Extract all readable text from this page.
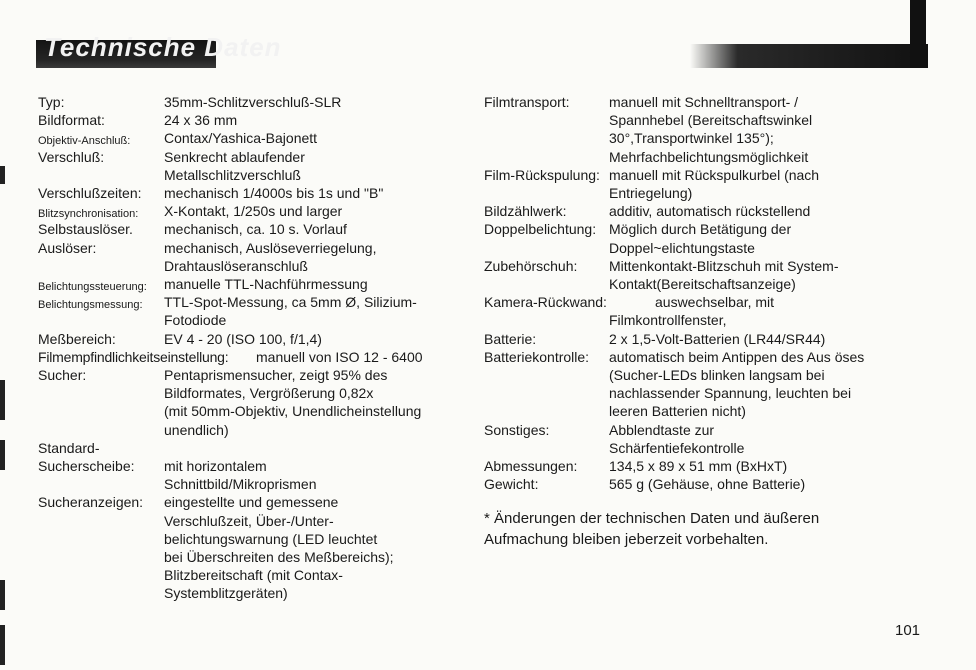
Technische Daten
Typ:	35mm-Schlitzverschluß-SLR
Bildformat:	24 x 36 mm
Objektiv-Anschluß: Contax/Yashica-Bajonett
Verschluß:	Senkrecht ablaufender
Metallschlitzverschluß
Verschlußzeiten: mechanisch 1/4000s bis 1s und "B"
Blitzsynchronisation: X-Kontakt, 1/250s und larger
Selbstauslöser. mechanisch, ca. 10 s. Vorlauf
Auslöser:	mechanisch, Auslöseverriegelung,
Drahtauslöseranschluß
Belichtungssteuerung: manuelle TTL-Nachführmessung
Belichtungsmessung: TTL-Spot-Messung, ca 5mm Ø, Silizium-
Fotodiode
Meßbereich:	EV 4 - 20 (ISO 100, f/1,4)
Filmempfindlichkeitseinstellung: manuell von ISO 12 - 6400
Sucher:	Pentaprismensucher, zeigt 95% des
Bildformates, Vergrößerung 0,82x
(mit 50mm-Objektiv, Unendlicheinstellung
unendlich)
Standard-
Sucherscheibe: mit horizontalem
Schnittbild/Mikroprismen
Sucheranzeigen: eingestellte und gemessene
Verschlußzeit, Über-/Unter-
belichtungswarnung (LED leuchtet
bei Überschreiten des Meßbereichs);
Blitzbereitschaft (mit Contax-
Systemblitzgeräten)
Filmtransport:	manuell mit Schnelltransport- /
Spannhebel (Bereitschaftswinkel
30°,Transportwinkel 135°);
Mehrfachbelichtungsmöglichkeit
Film-Rückspulung: manuell mit Rückspulkurbel (nach
Entriegelung)
Bildzählwerk:	additiv, automatisch rückstellend
Doppelbelichtung: Möglich durch Betätigung der
Doppel~elichtungstaste
Zubehörschuh: Mittenkontakt-Blitzschuh mit System-
Kontakt(Bereitschaftsanzeige)
Kamera-Rückwand:	auswechselbar, mit
Filmkontrollfenster,
Batterie:	2 x 1,5-Volt-Batterien (LR44/SR44)
Batteriekontrolle: automatisch beim Antippen des Aus öses
(Sucher-LEDs blinken langsam bei
nachlassender Spannung, leuchten bei
leeren Batterien nicht)
Sonstiges:	Abblendtaste zur
Schärfentiefekontrolle
Abmessungen: 134,5 x 89 x 51 mm (BxHxT)
Gewicht:	565 g (Gehäuse, ohne Batterie)
* Änderungen der technischen Daten und äußeren
Aufmachung bleiben jeberzeit vorbehalten.
101
